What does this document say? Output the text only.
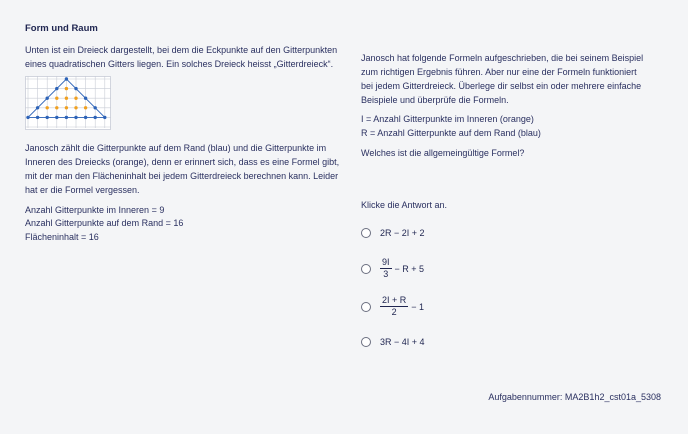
Form und Raum
Unten ist ein Dreieck dargestellt, bei dem die Eckpunkte auf den Gitterpunkten eines quadratischen Gitters liegen. Ein solches Dreieck heisst „Gitterdreieck“.
Janosch zählt die Gitterpunkte auf dem Rand (blau) und die Gitterpunkte im Inneren des Dreiecks (orange), denn er erinnert sich, dass es eine Formel gibt, mit der man den Flächeninhalt bei jedem Gitterdreieck berechnen kann. Leider hat er die Formel vergessen.
Anzahl Gitterpunkte im Inneren = 9
Anzahl Gitterpunkte auf dem Rand = 16
Flächeninhalt = 16
Janosch hat folgende Formeln aufgeschrieben, die bei seinem Beispiel zum richtigen Ergebnis führen. Aber nur eine der Formeln funktioniert bei jedem Gitterdreieck. Überlege dir selbst ein oder mehrere einfache Beispiele und überprüfe die Formeln.
I = Anzahl Gitterpunkte im Inneren (orange)
R = Anzahl Gitterpunkte auf dem Rand (blau)
Welches ist die allgemeingültige Formel?
Klicke die Antwort an.
2R − 2I + 2
$\frac{9I}{3} - R + 5$
$\frac{2I + R}{2} - 1$
3R − 4I + 4
Aufgabennummer: MA2B1h2_cst01a_5308
